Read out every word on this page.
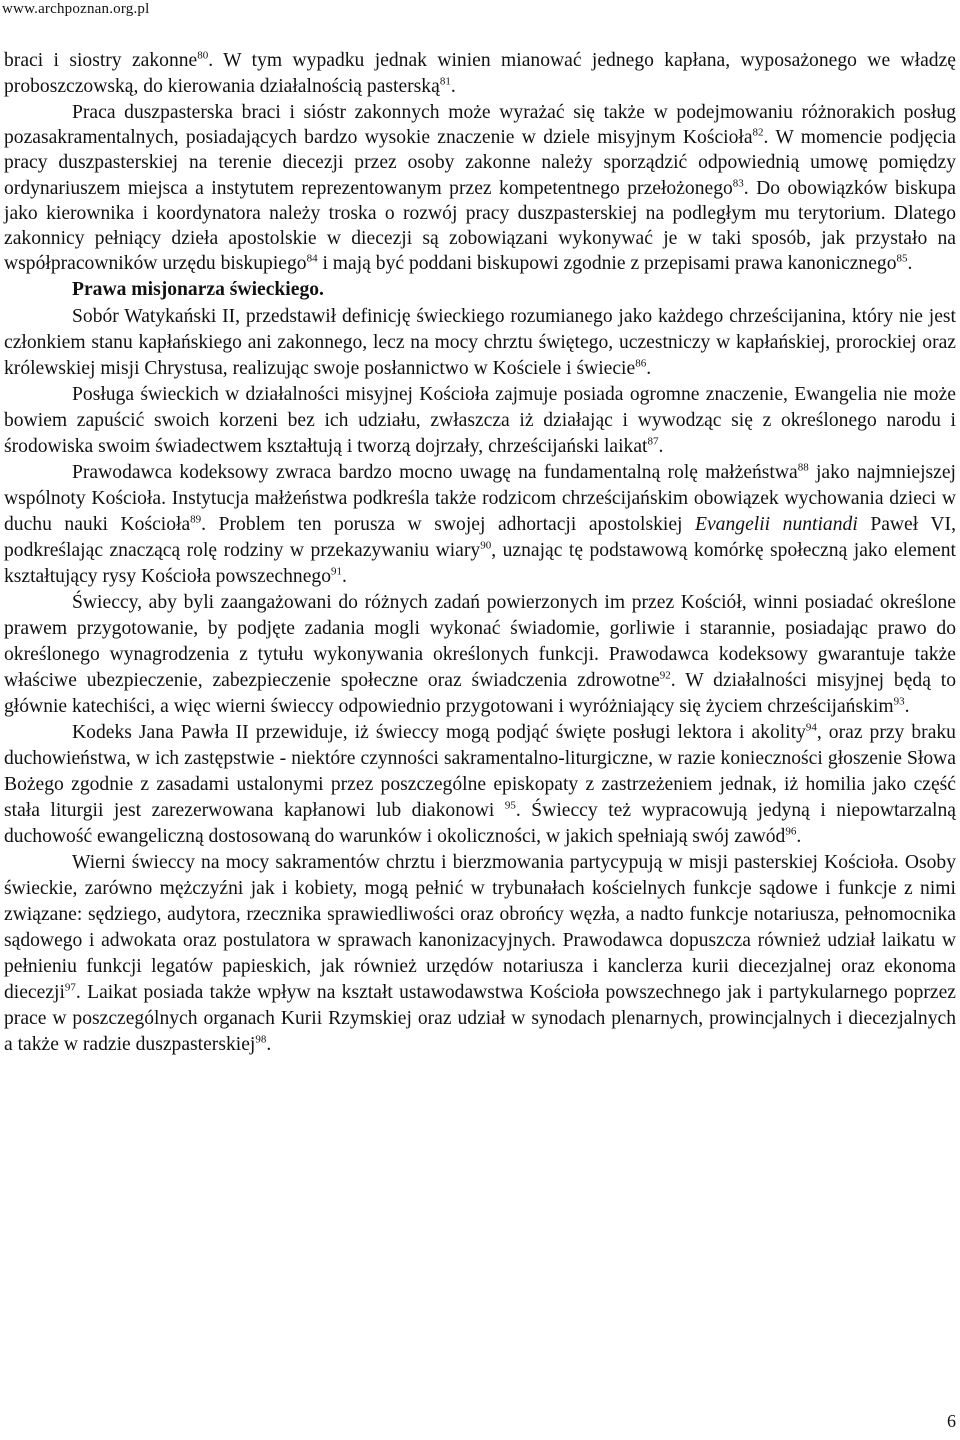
www.archpoznan.org.pl

braci i siostry zakonne$^{80}$. W tym wypadku jednak winien mianować jednego kapłana, wyposażonego we władzę proboszczowską, do kierowania działalnością pasterską$^{81}$.

Praca duszpasterska braci i sióstr zakonnych może wyrażać się także w podejmowaniu różnorakich posług pozasakramentalnych, posiadających bardzo wysokie znaczenie w dziele misyjnym Kościoła$^{82}$. W momencie podjęcia pracy duszpasterskiej na terenie diecezji przez osoby zakonne należy sporządzić odpowiednią umowę pomiędzy ordynariuszem miejsca a instytutem reprezentowanym przez kompetentnego przełożonego$^{83}$. Do obowiązków biskupa jako kierownika i koordynatora należy troska o rozwój pracy duszpasterskiej na podległym mu terytorium. Dlatego zakonnicy pełniący dzieła apostolskie w diecezji są zobowiązani wykonywać je w taki sposób, jak przystało na współpracowników urzędu biskupiego$^{84}$ i mają być poddani biskupowi zgodnie z przepisami prawa kanonicznego$^{85}$.

Prawa misjonarza świeckiego.

Sobór Watykański II, przedstawił definicję świeckiego rozumianego jako każdego chrześcijanina, który nie jest członkiem stanu kapłańskiego ani zakonnego, lecz na mocy chrztu świętego, uczestniczy w kapłańskiej, prorockiej oraz królewskiej misji Chrystusa, realizując swoje posłannictwo w Kościele i świecie$^{86}$.

Posługa świeckich w działalności misyjnej Kościoła zajmuje posiada ogromne znaczenie, Ewangelia nie może bowiem zapuścić swoich korzeni bez ich udziału, zwłaszcza iż działając i wywodząc się z określonego narodu i środowiska swoim świadectwem kształtują i tworzą dojrzały, chrześcijański laikat$^{87}$.

Prawodawca kodeksowy zwraca bardzo mocno uwagę na fundamentalną rolę małżeństwa$^{88}$ jako najmniejszej wspólnoty Kościoła. Instytucja małżeństwa podkreśla także rodzicom chrześcijańskim obowiązek wychowania dzieci w duchu nauki Kościoła$^{89}$. Problem ten porusza w swojej adhortacji apostolskiej Evangelii nuntiandi Paweł VI, podkreślając znaczącą rolę rodziny w przekazywaniu wiary$^{90}$, uznając tę podstawową komórkę społeczną jako element kształtujący rysy Kościoła powszechnego$^{91}$.

Świeccy, aby byli zaangażowani do różnych zadań powierzonych im przez Kościół, winni posiadać określone prawem przygotowanie, by podjęte zadania mogli wykonać świadomie, gorliwie i starannie, posiadając prawo do określonego wynagrodzenia z tytułu wykonywania określonych funkcji. Prawodawca kodeksowy gwarantuje także właściwe ubezpieczenie, zabezpieczenie społeczne oraz świadczenia zdrowotne$^{92}$. W działalności misyjnej będą to głównie katechiści, a więc wierni świeccy odpowiednio przygotowani i wyróżniający się życiem chrześcijańskim$^{93}$.

Kodeks Jana Pawła II przewiduje, iż świeccy mogą podjąć święte posługi lektora i akolity$^{94}$, oraz przy braku duchowieństwa, w ich zastępstwie - niektóre czynności sakramentalno-liturgiczne, w razie konieczności głoszenie Słowa Bożego zgodnie z zasadami ustalonymi przez poszczególne episkopaty z zastrzeżeniem jednak, iż homilia jako część stała liturgii jest zarezerwowana kapłanowi lub diakonowi $^{95}$. Świeccy też wypracowują jedyną i niepowtarzalną duchowość ewangeliczną dostosowaną do warunków i okoliczności, w jakich spełniają swój zawód$^{96}$.

Wierni świeccy na mocy sakramentów chrztu i bierzmowania partycypują w misji pasterskiej Kościoła. Osoby świeckie, zarówno mężczyźni jak i kobiety, mogą pełnić w trybunałach kościelnych funkcje sądowe i funkcje z nimi związane: sędziego, audytora, rzecznika sprawiedliwości oraz obrońcy węzła, a nadto funkcje notariusza, pełnomocnika sądowego i adwokata oraz postulatora w sprawach kanonizacyjnych. Prawodawca dopuszcza również udział laikatu w pełnieniu funkcji legatów papieskich, jak również urzędów notariusza i kanclerza kurii diecezjalnej oraz ekonoma diecezji$^{97}$. Laikat posiada także wpływ na kształt ustawodawstwa Kościoła powszechnego jak i partykularnego poprzez prace w poszczególnych organach Kurii Rzymskiej oraz udział w synodach plenarnych, prowincjalnych i diecezjalnych a także w radzie duszpasterskiej$^{98}$.

6
